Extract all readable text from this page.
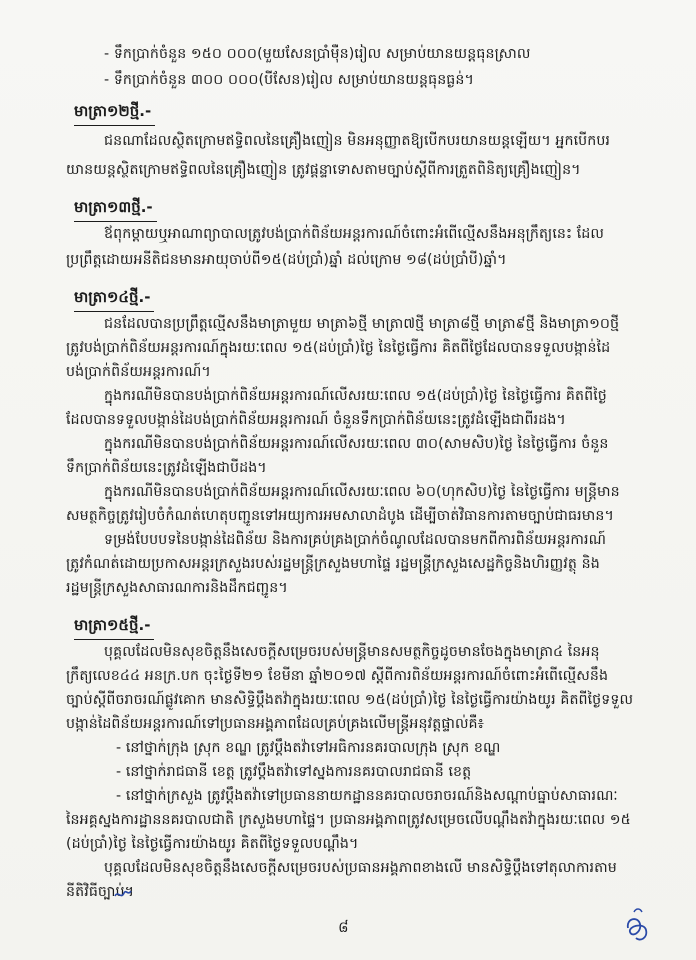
- ទឹកប្រាក់ចំនួន ១៥០ ០០០(មួយសែនប្រាំម៉ឺន)រៀល សម្រាប់យានយន្តធុនស្រាល
- ទឹកប្រាក់ចំនួន ៣០០ ០០០(បីសែន)រៀល សម្រាប់យានយន្តធុនធ្ងន់។
មាត្រា១២ថ្មី.-
ជនណាដែលស្ថិតក្រោមឥទ្ធិពលនៃគ្រឿងញៀន មិនអនុញ្ញាតឱ្យបើកបរយានយន្តឡើយ។ អ្នកបើកបរ
យានយន្តស្ថិតក្រោមឥទ្ធិពលនៃគ្រឿងញៀន ត្រូវផ្តន្ទាទោសតាមច្បាប់ស្តីពីការត្រួតពិនិត្យគ្រឿងញៀន។
មាត្រា១៣ថ្មី.-
ឪពុកម្តាយឬអាណាព្យាបាលត្រូវបង់ប្រាក់ពិន័យអន្តរការណ៍ចំពោះអំពើល្មើសនឹងអនុក្រឹត្យនេះ ដែល
ប្រព្រឹត្តដោយអនីតិជនមានអាយុចាប់ពី១៥(ដប់ប្រាំ)ឆ្នាំ ដល់ក្រោម ១៨(ដប់ប្រាំបី)ឆ្នាំ។
មាត្រា១៤ថ្មី.-
ជនដែលបានប្រព្រឹត្តល្មើសនឹងមាត្រាមួយ មាត្រា៦ថ្មី មាត្រា៧ថ្មី មាត្រា៨ថ្មី មាត្រា៩ថ្មី និងមាត្រា១០ថ្មី
ត្រូវបង់ប្រាក់ពិន័យអន្តរការណ៍ក្នុងរយៈពេល ១៥(ដប់ប្រាំ)ថ្ងៃ នៃថ្ងៃធ្វើការ គិតពីថ្ងៃដែលបានទទួលបង្កាន់ដៃ
បង់ប្រាក់ពិន័យអន្តរការណ៍។
ក្នុងករណីមិនបានបង់ប្រាក់ពិន័យអន្តរការណ៍លើសរយៈពេល ១៥(ដប់ប្រាំ)ថ្ងៃ នៃថ្ងៃធ្វើការ គិតពីថ្ងៃ
ដែលបានទទួលបង្កាន់ដៃបង់ប្រាក់ពិន័យអន្តរការណ៍ ចំនួនទឹកប្រាក់ពិន័យនេះត្រូវដំឡើងជាពីរដង។
ក្នុងករណីមិនបានបង់ប្រាក់ពិន័យអន្តរការណ៍លើសរយៈពេល ៣០(សាមសិប)ថ្ងៃ នៃថ្ងៃធ្វើការ ចំនួន
ទឹកប្រាក់ពិន័យនេះត្រូវដំឡើងជាបីដង។
ក្នុងករណីមិនបានបង់ប្រាក់ពិន័យអន្តរការណ៍លើសរយៈពេល ៦០(ហុកសិប)ថ្ងៃ នៃថ្ងៃធ្វើការ មន្ត្រីមាន
សមត្ថកិច្ចត្រូវរៀបចំកំណត់ហេតុបញ្ជូនទៅអយ្យការអមសាលាដំបូង ដើម្បីចាត់វិធានការតាមច្បាប់ជាធរមាន។
ទម្រង់បែបបទនៃបង្កាន់ដៃពិន័យ និងការគ្រប់គ្រងប្រាក់ចំណូលដែលបានមកពីការពិន័យអន្តរការណ៍
ត្រូវកំណត់ដោយប្រកាសអន្តរក្រសួងរបស់រដ្ឋមន្ត្រីក្រសួងមហាផ្ទៃ រដ្ឋមន្ត្រីក្រសួងសេដ្ឋកិច្ចនិងហិរញ្ញវត្ថុ និង
រដ្ឋមន្ត្រីក្រសួងសាធារណការនិងដឹកជញ្ជូន។
មាត្រា១៥ថ្មី.-
បុគ្គលដែលមិនសុខចិត្តនឹងសេចក្តីសម្រេចរបស់មន្ត្រីមានសមត្ថកិច្ចដូចមានចែងក្នុងមាត្រា៤ នៃអនុ
ក្រឹត្យលេខ៤៤ អនក្រ.បក ចុះថ្ងៃទី២១ ខែមីនា ឆ្នាំ២០១៧ ស្តីពីការពិន័យអន្តរការណ៍ចំពោះអំពើល្មើសនឹង
ច្បាប់ស្តីពីចរាចរណ៍ផ្លូវគោក មានសិទ្ធិប្តឹងតវ៉ាក្នុងរយៈពេល ១៥(ដប់ប្រាំ)ថ្ងៃ នៃថ្ងៃធ្វើការយ៉ាងយូរ គិតពីថ្ងៃទទួល
បង្កាន់ដៃពិន័យអន្តរការណ៍ទៅប្រធានអង្គភាពដែលគ្រប់គ្រងលើមន្ត្រីអនុវត្តផ្ទាល់គឺ៖
- នៅថ្នាក់ក្រុង ស្រុក ខណ្ឌ ត្រូវប្តឹងតវ៉ាទៅអធិការនគរបាលក្រុង ស្រុក ខណ្ឌ
- នៅថ្នាក់រាជធានី ខេត្ត ត្រូវប្តឹងតវ៉ាទៅស្នងការនគរបាលរាជធានី ខេត្ត
- នៅថ្នាក់ក្រសួង ត្រូវប្តឹងតវ៉ាទៅប្រធាននាយកដ្ឋាននគរបាលចរាចរណ៍និងសណ្តាប់ធ្នាប់សាធារណៈ
នៃអគ្គស្នងការដ្ឋាននគរបាលជាតិ ក្រសួងមហាផ្ទៃ។ ប្រធានអង្គភាពត្រូវសម្រេចលើបណ្តឹងតវ៉ាក្នុងរយៈពេល ១៥
(ដប់ប្រាំ)ថ្ងៃ នៃថ្ងៃធ្វើការយ៉ាងយូរ គិតពីថ្ងៃទទួលបណ្តឹង។
បុគ្គលដែលមិនសុខចិត្តនឹងសេចក្តីសម្រេចរបស់ប្រធានអង្គភាពខាងលើ មានសិទ្ធិប្តឹងទៅតុលាការតាម
នីតិវិធីច្បាប់។
៨
